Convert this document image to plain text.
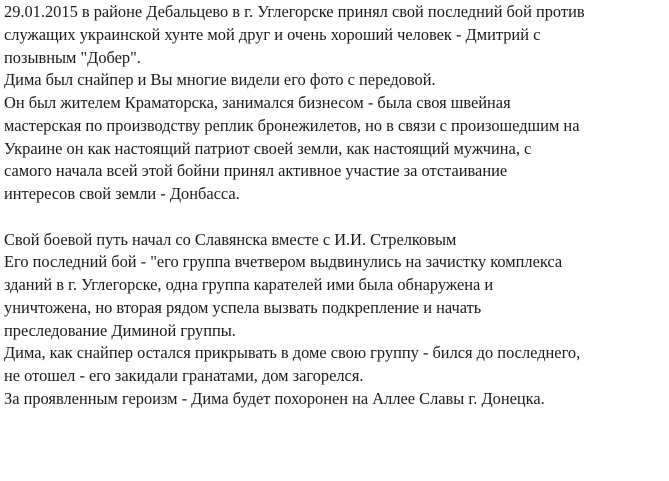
29.01.2015 в районе Дебальцево в г. Углегорске принял свой последний бой против
служащих украинской хунте мой друг и очень хороший человек - Дмитрий с
позывным "Добер".
Дима был снайпер и Вы многие видели его фото с передовой.
Он был жителем Краматорска, занимался бизнесом - была своя швейная
мастерская по производству реплик бронежилетов, но в связи с произошедшим на
Украине он как настоящий патриот своей земли, как настоящий мужчина, с
самого начала всей этой бойни принял активное участие за отстаивание
интересов свой земли - Донбасса.
Свой боевой путь начал со Славянска вместе с И.И. Стрелковым
Его последний бой - "его группа вчетвером выдвинулись на зачистку комплекса
зданий в г. Углегорске, одна группа карателей ими была обнаружена и
уничтожена, но вторая рядом успела вызвать подкрепление и начать
преследование Диминой группы.
Дима, как снайпер остался прикрывать в доме свою группу - бился до последнего,
не отошел - его закидали гранатами, дом загорелся.
За проявленным героизм - Дима будет похоронен на Аллее Славы г. Донецка.
